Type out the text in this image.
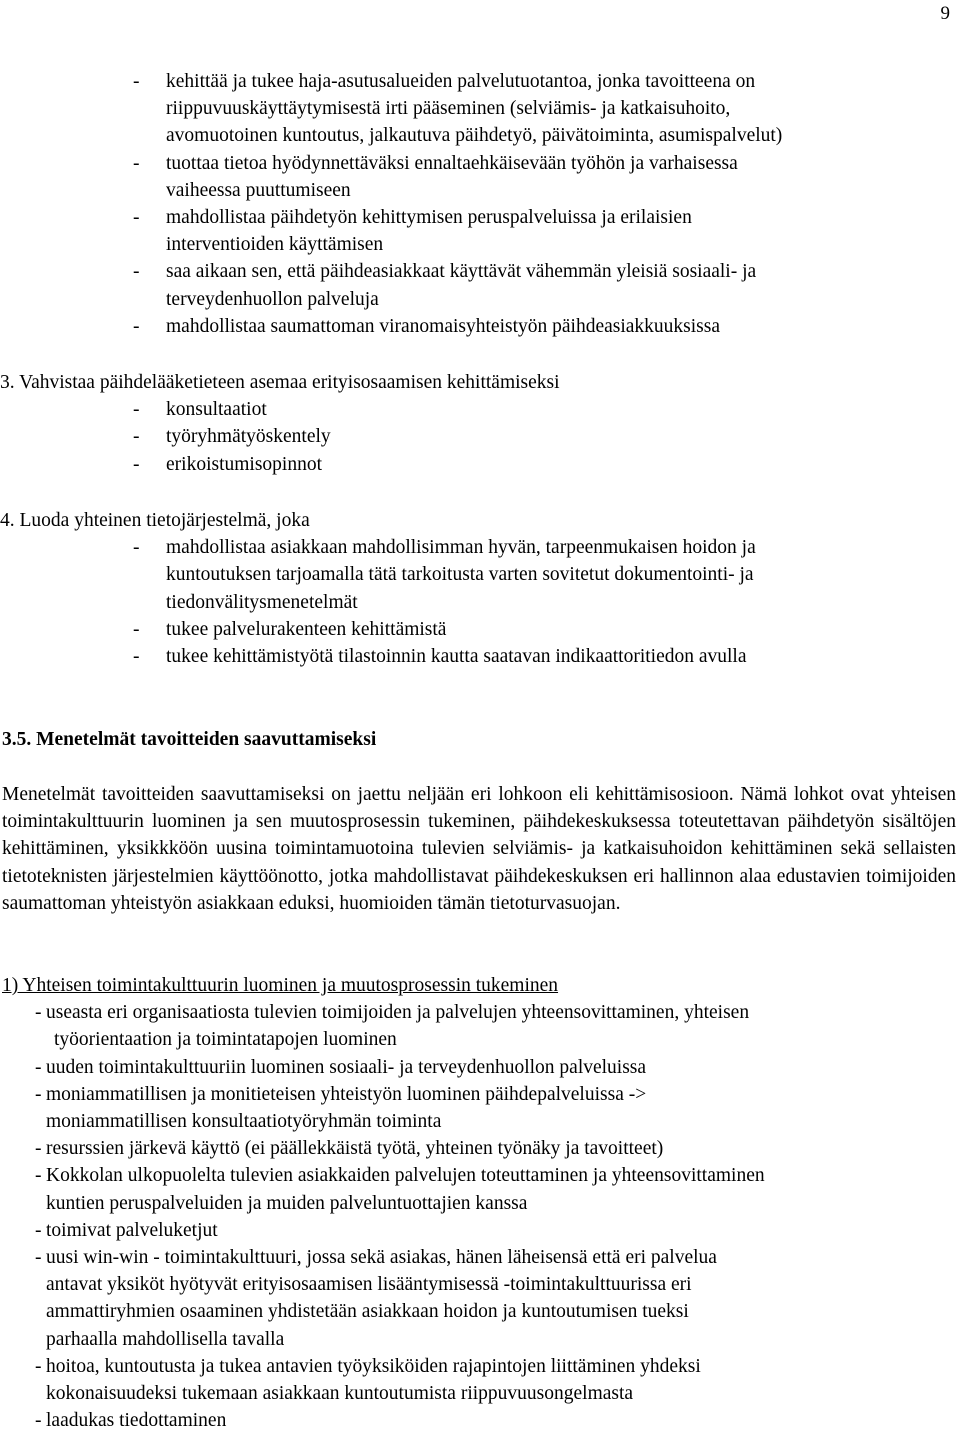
9
- kehittää ja tukee haja-asutusalueiden palvelutuotantoa, jonka tavoitteena on
riippuvuuskäyttäytymisestä irti pääseminen (selviämis- ja katkaisuhoito,
avomuotoinen kuntoutus, jalkautuva päihdetyö, päivätoiminta, asumispalvelut)
- tuottaa tietoa hyödynnettäväksi ennaltaehkäisevään työhön ja varhaisessa
vaiheessa puuttumiseen
- mahdollistaa päihdetyön kehittymisen peruspalveluissa ja erilaisien
interventioiden käyttämisen
- saa aikaan sen, että päihdeasiakkaat käyttävät vähemmän yleisiä sosiaali- ja
terveydenhuollon palveluja
- mahdollistaa saumattoman viranomaisyhteistyön päihdeasiakkuuksissa
3. Vahvistaa päihdelääketieteen asemaa erityisosaamisen kehittämiseksi
- konsultaatiot
- työryhmätyöskentely
- erikoistumisopinnot
4. Luoda yhteinen tietojärjestelmä, joka
- mahdollistaa asiakkaan mahdollisimman hyvän, tarpeenmukaisen hoidon ja
kuntoutuksen tarjoamalla tätä tarkoitusta varten sovitetut dokumentointi- ja
tiedonvälitysmenetelmät
- tukee palvelurakenteen kehittämistä
- tukee kehittämistyötä tilastoinnin kautta saatavan indikaattoritiedon avulla
3.5. Menetelmät tavoitteiden saavuttamiseksi
Menetelmät tavoitteiden saavuttamiseksi on jaettu neljään eri lohkoon eli kehittämisosioon. Nämä lohkot ovat yhteisen toimintakulttuurin luominen ja sen muutosprosessin tukeminen, päihdekeskuksessa toteutettavan päihdetyön sisältöjen kehittäminen, yksikkköön uusina toimintamuotoina tulevien selviämis- ja katkaisuhoidon kehittäminen sekä sellaisten tietoteknisten järjestelmien käyttöönotto, jotka mahdollistavat päihdekeskuksen eri hallinnon alaa edustavien toimijoiden saumattoman yhteistyön asiakkaan eduksi, huomioiden tämän tietoturvasuojan.
1) Yhteisen toimintakulttuurin luominen ja muutosprosessin tukeminen
- useasta eri organisaatiosta tulevien toimijoiden ja palvelujen yhteensovittaminen, yhteisen
työorientaation ja toimintatapojen luominen
- uuden toimintakulttuuriin luominen sosiaali- ja terveydenhuollon palveluissa
- moniammatillisen ja monitieteisen yhteistyön luominen päihdepalveluissa ->
moniammatillisen konsultaatiotyöryhmän toiminta
- resurssien järkevä käyttö (ei päällekkäistä työtä, yhteinen työnäky ja tavoitteet)
- Kokkolan ulkopuolelta tulevien asiakkaiden palvelujen toteuttaminen ja yhteensovittaminen
kuntien peruspalveluiden ja muiden palveluntuottajien kanssa
- toimivat palveluketjut
- uusi win-win - toimintakulttuuri, jossa sekä asiakas, hänen läheisensä että eri palvelua
antavat yksiköt hyötyvät erityisosaamisen lisääntymisessä -toimintakulttuurissa eri
ammattiryhmien osaaminen yhdistetään asiakkaan hoidon ja kuntoutumisen tueksi
parhaalla mahdollisella tavalla
- hoitoa, kuntoutusta ja tukea antavien työyksiköiden rajapintojen liittäminen yhdeksi
kokonaisuudeksi tukemaan asiakkaan kuntoutumista riippuvuusongelmasta
- laadukas tiedottaminen
